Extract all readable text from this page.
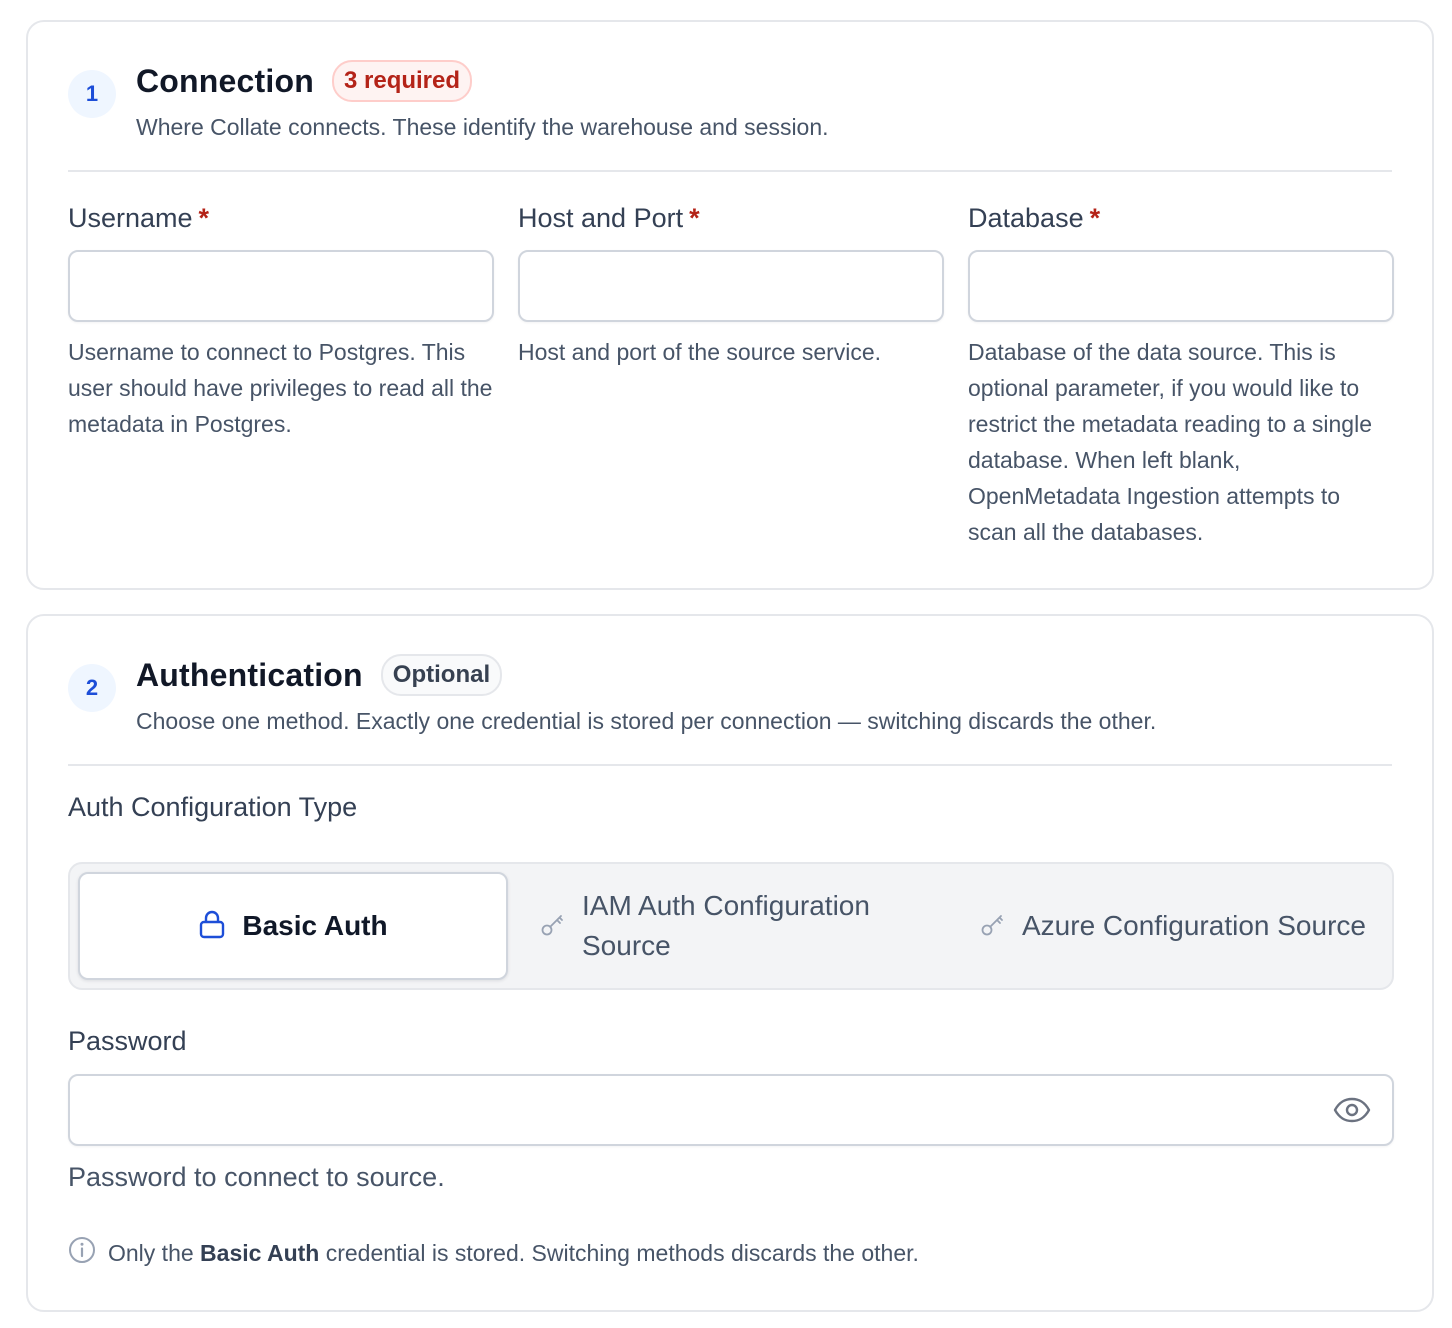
1	Connection	3 required
Where Collate connects. These identify the warehouse and session.
Username *
Username to connect to Postgres. This user should have privileges to read all the metadata in Postgres.
Host and Port *
Host and port of the source service.
Database *
Database of the data source. This is optional parameter, if you would like to restrict the metadata reading to a single database. When left blank, OpenMetadata Ingestion attempts to scan all the databases.
2	Authentication	Optional
Choose one method. Exactly one credential is stored per connection — switching discards the other.
Auth Configuration Type
Basic Auth
IAM Auth Configuration Source
Azure Configuration Source
Password
Password to connect to source.
Only the Basic Auth credential is stored. Switching methods discards the other.
